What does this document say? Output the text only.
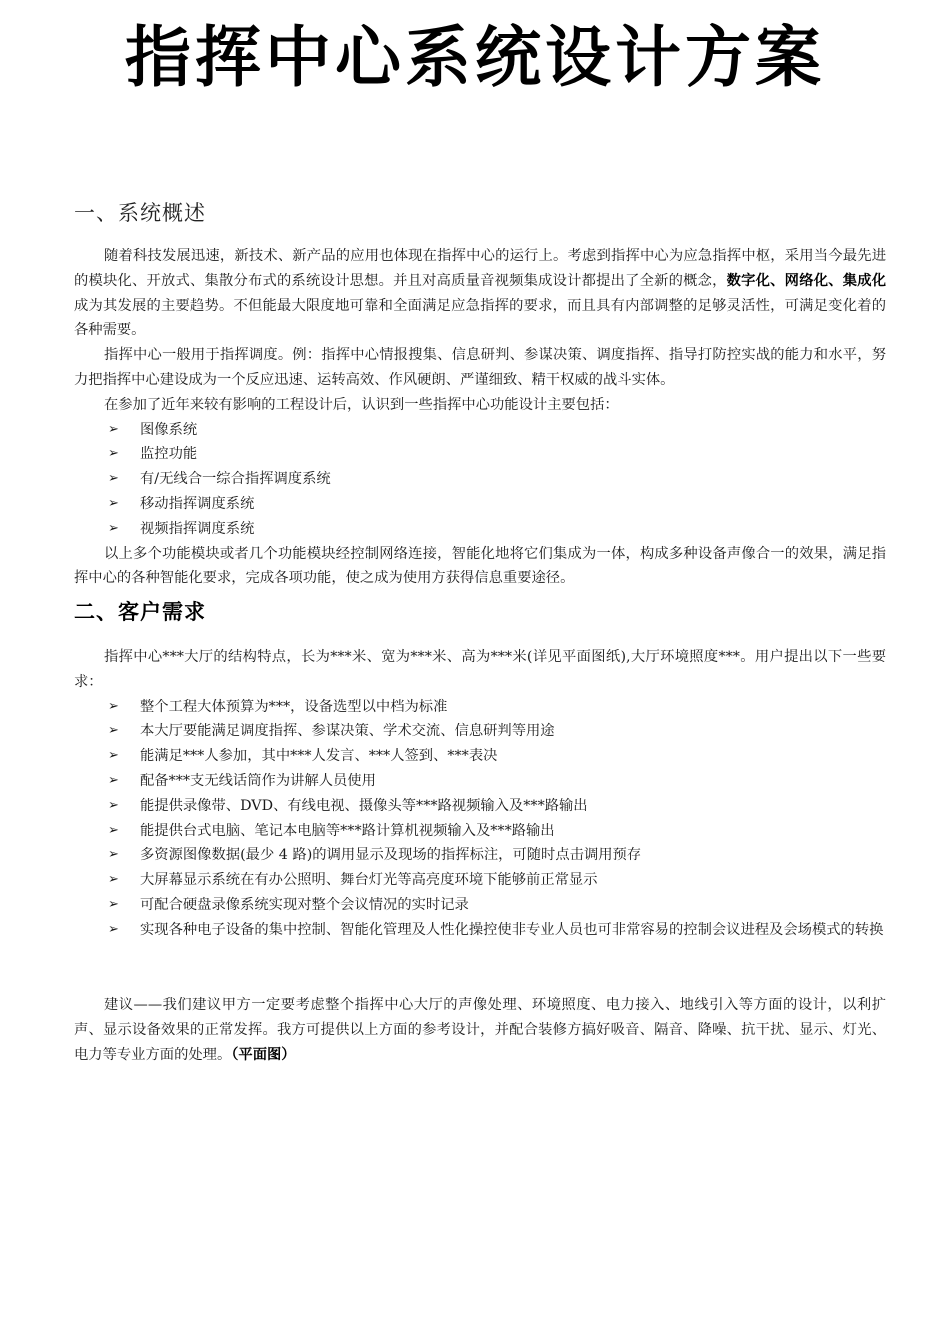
指挥中心系统设计方案
一、系统概述

随着科技发展迅速，新技术、新产品的应用也体现在指挥中心的运行上。考虑到指挥中心为应急指挥中枢，采用当今最先进的模块化、开放式、集散分布式的系统设计思想。并且对高质量音视频集成设计都提出了全新的概念，数字化、网络化、集成化成为其发展的主要趋势。不但能最大限度地可靠和全面满足应急指挥的要求，而且具有内部调整的足够灵活性，可满足变化着的各种需要。

指挥中心一般用于指挥调度。例：指挥中心情报搜集、信息研判、参谋决策、调度指挥、指导打防控实战的能力和水平，努力把指挥中心建设成为一个反应迅速、运转高效、作风硬朗、严谨细致、精干权威的战斗实体。

在参加了近年来较有影响的工程设计后，认识到一些指挥中心功能设计主要包括：

➢ 图像系统
➢ 监控功能
➢ 有/无线合一综合指挥调度系统
➢ 移动指挥调度系统
➢ 视频指挥调度系统

以上多个功能模块或者几个功能模块经控制网络连接，智能化地将它们集成为一体，构成多种设备声像合一的效果，满足指挥中心的各种智能化要求，完成各项功能，使之成为使用方获得信息重要途径。

二、客户需求

指挥中心***大厅的结构特点，长为***米、宽为***米、高为***米(详见平面图纸),大厅环境照度***。用户提出以下一些要求：

➢ 整个工程大体预算为***，设备选型以中档为标准
➢ 本大厅要能满足调度指挥、参谋决策、学术交流、信息研判等用途
➢ 能满足***人参加，其中***人发言、***人签到、***表决
➢ 配备***支无线话筒作为讲解人员使用
➢ 能提供录像带、DVD、有线电视、摄像头等***路视频输入及***路输出
➢ 能提供台式电脑、笔记本电脑等***路计算机视频输入及***路输出
➢ 多资源图像数据(最少 4 路)的调用显示及现场的指挥标注，可随时点击调用预存
➢ 大屏幕显示系统在有办公照明、舞台灯光等高亮度环境下能够前正常显示
➢ 可配合硬盘录像系统实现对整个会议情况的实时记录
➢ 实现各种电子设备的集中控制、智能化管理及人性化操控使非专业人员也可非常容易的控制会议进程及会场模式的转换

建议——我们建议甲方一定要考虑整个指挥中心大厅的声像处理、环境照度、电力接入、地线引入等方面的设计，以利扩声、显示设备效果的正常发挥。我方可提供以上方面的参考设计，并配合装修方搞好吸音、隔音、降噪、抗干扰、显示、灯光、电力等专业方面的处理。（平面图）
